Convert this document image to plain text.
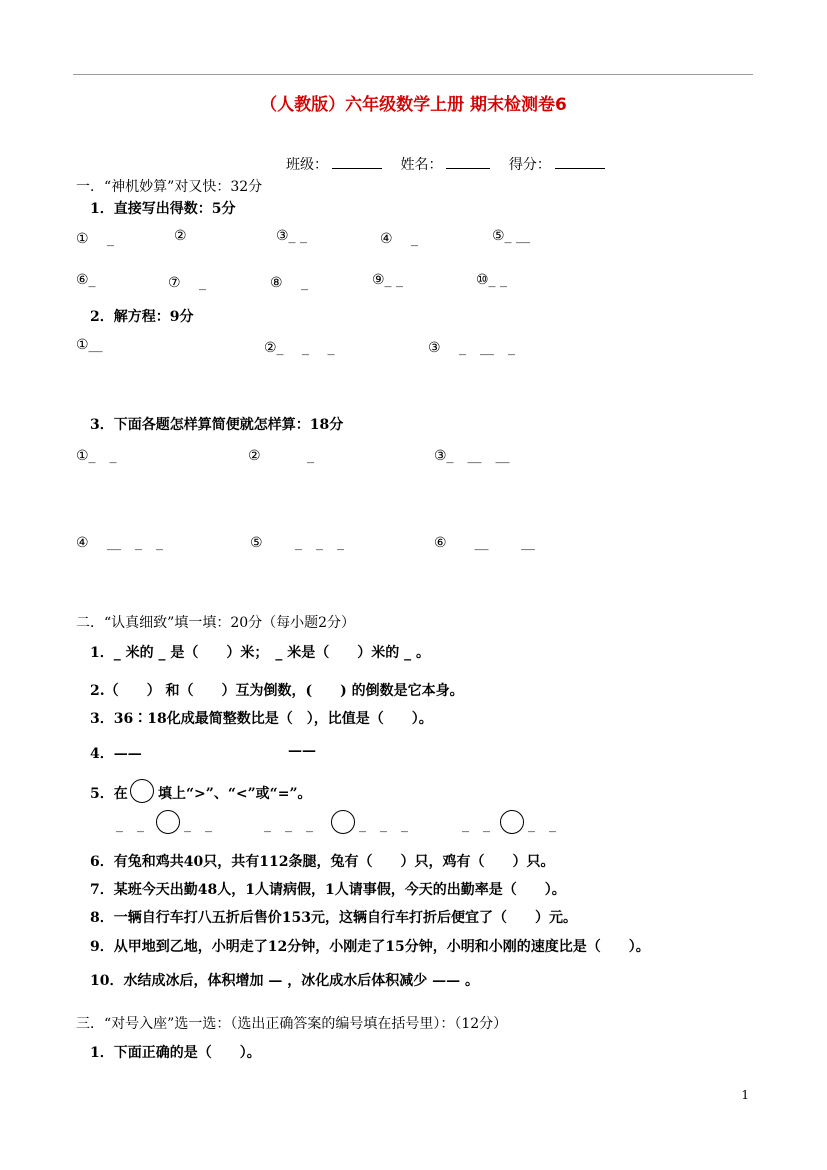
（人教版）六年级数学上册 期末检测卷6
班级：	姓名：	得分：
一．“神机妙算”对又快：32分
1．直接写出得数：5分
①　 _	②	③_ _	④　 _	⑤_ __
⑥_	⑦　 _	⑧　 _	⑨_ _	⑩_ _
2．解方程：9分
①__	②_　 _　 _	③　 _　__　_
3．下面各题怎样算简便就怎样算：18分
①_　_	②　　　 _	③_　__　__
④　 __　_　_	⑤　　 _　_　_	⑥　　__　　 __
二．“认真细致”填一填：20分（每小题2分）
1．_ 米的 _ 是（　　）米；　_ 米是（　　）米的 _ 。
2.（　　） 和（　　）互为倒数，(　　) 的倒数是它本身。
3．36∶18化成最简整数比是（　），比值是（　　）。
4．——	——
5．在 填上“>”、“<”或“=”。
_　_	_　_	_　_　_	_　_　_	_　_	_　_
6．有兔和鸡共40只，共有112条腿，兔有（　　）只，鸡有（　　）只。
7．某班今天出勤48人，1人请病假，1人请事假，今天的出勤率是（　　）。
8．一辆自行车打八五折后售价153元，这辆自行车打折后便宜了（　　）元。
9．从甲地到乙地，小明走了12分钟，小刚走了15分钟，小明和小刚的速度比是（　　）。
10．水结成冰后，体积增加 — ，冰化成水后体积减少 —— 。
三．“对号入座”选一选：（选出正确答案的编号填在括号里）：（12分）
1．下面正确的是（　　）。
1
